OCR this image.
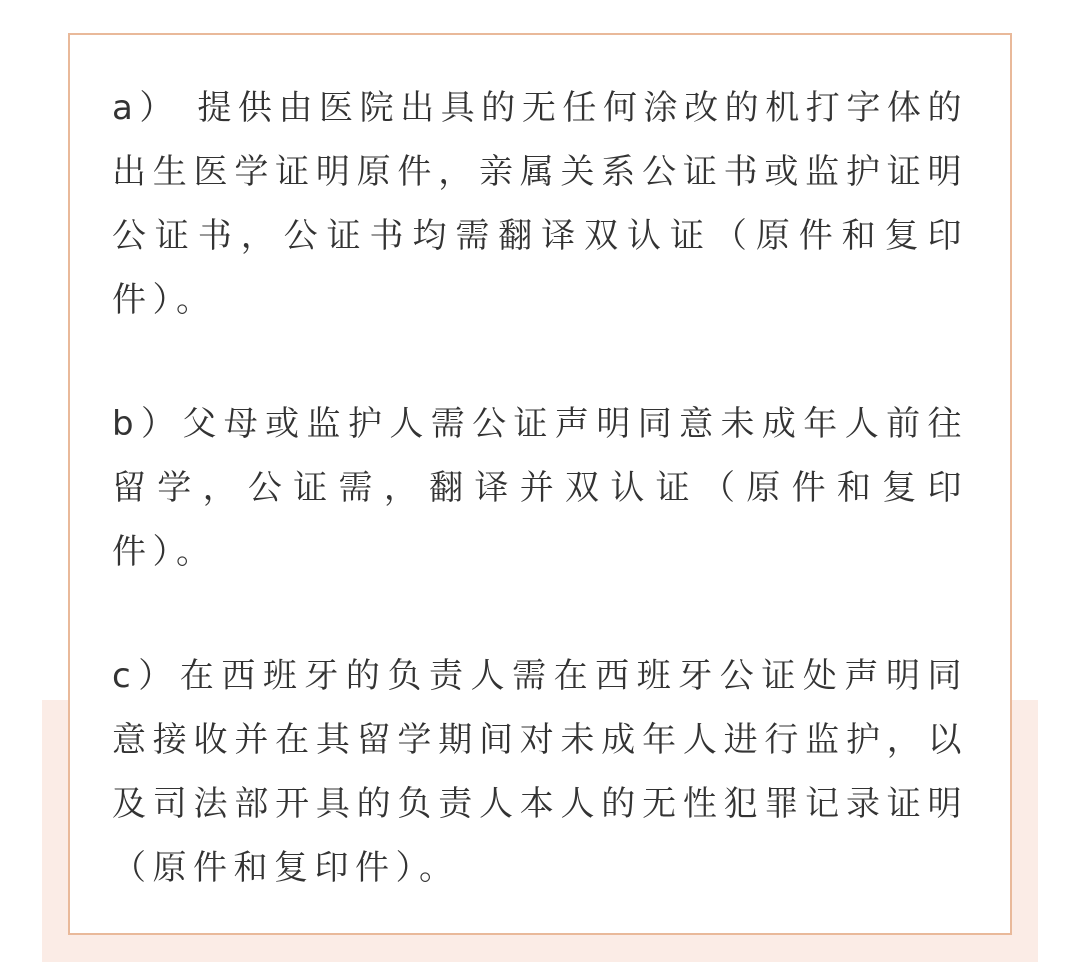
a） 提供由医院出具的无任何涂改的机打字体的出生医学证明原件，亲属关系公证书或监护证明公证书，公证书均需翻译双认证（原件和复印件）。

b）父母或监护人需公证声明同意未成年人前往留学，公证需，翻译并双认证（原件和复印件）。

c）在西班牙的负责人需在西班牙公证处声明同意接收并在其留学期间对未成年人进行监护，以及司法部开具的负责人本人的无性犯罪记录证明（原件和复印件）。
